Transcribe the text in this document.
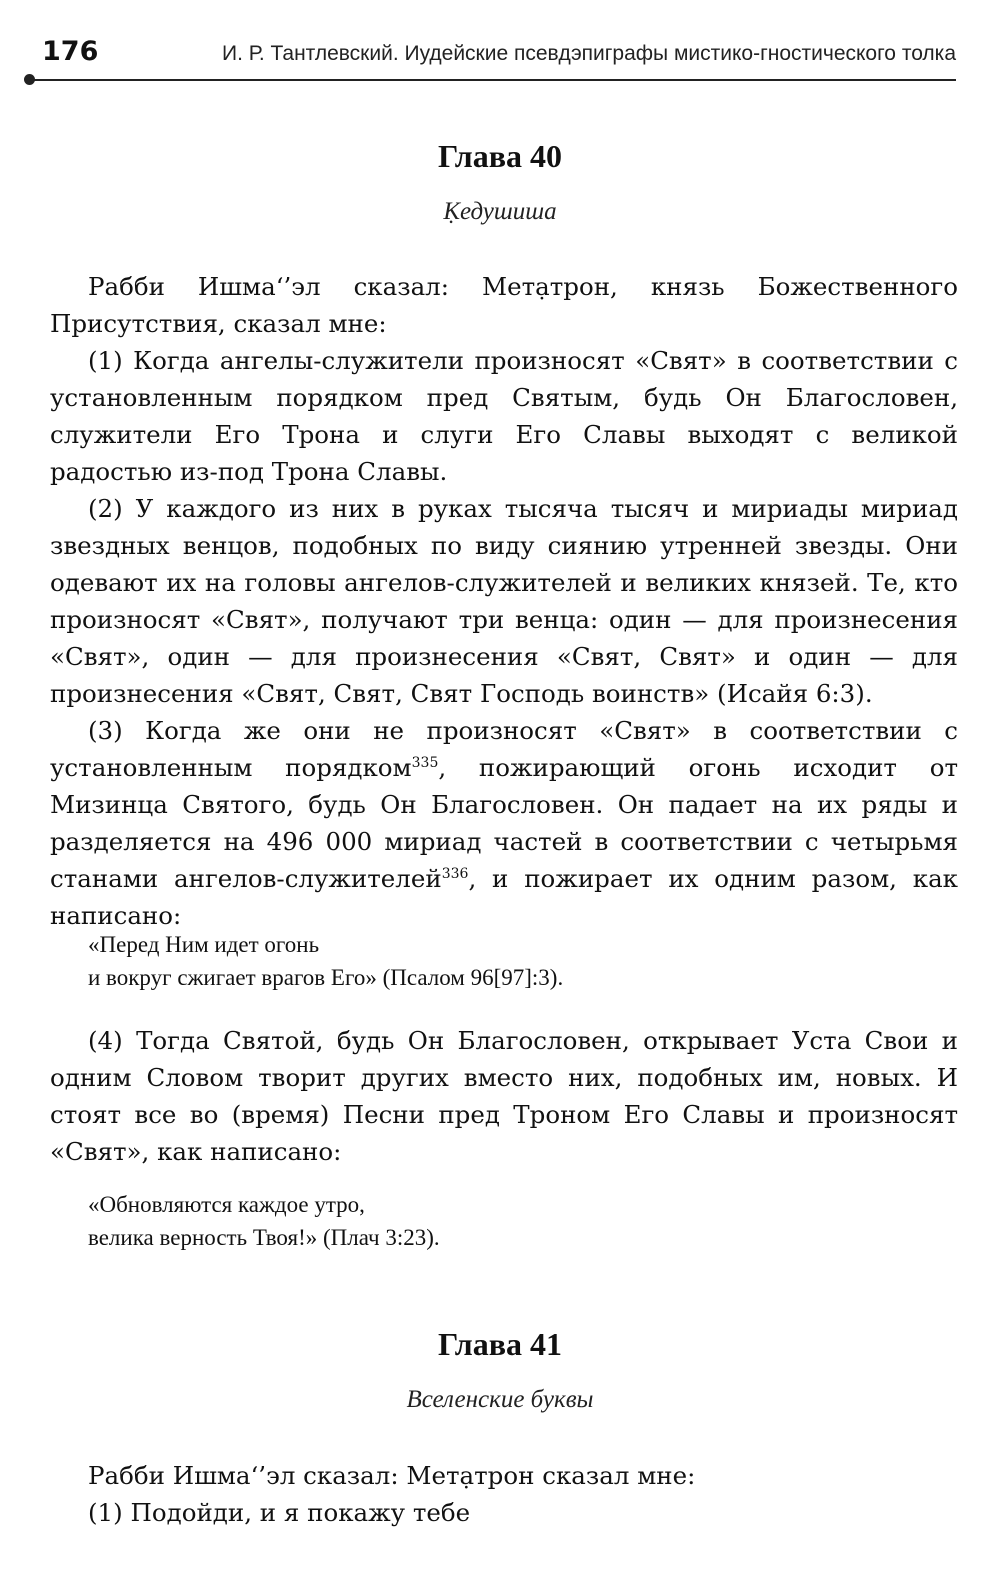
176	И. Р. Тантлевский. Иудейские псевдэпиграфы мистико-гностического толка
Глава 40
Ḳедушиша

Рабби Ишма‘’эл сказал: Метạтрон, князь Божественного Присутствия, сказал мне:

(1) Когда ангелы-служители произносят «Свят» в соответствии с установленным порядком пред Святым, будь Он Благословен, служители Его Трона и слуги Его Славы выходят с великой радостью из-под Трона Славы.

(2) У каждого из них в руках тысяча тысяч и мириады мириад звездных венцов, подобных по виду сиянию утренней звезды. Они одевают их на головы ангелов-служителей и великих князей. Те, кто произносят «Свят», получают три венца: один — для произнесения «Свят», один — для произнесения «Свят, Свят» и один — для произнесения «Свят, Свят, Свят Господь воинств» (Исайя 6:3).

(3) Когда же они не произносят «Свят» в соответствии с установленным порядком$^{335}$, пожирающий огонь исходит от Мизинца Святого, будь Он Благословен. Он падает на их ряды и разделяется на 496 000 мириад частей в соответствии с четырьмя станами ангелов-служителей$^{336}$, и пожирает их одним разом, как написано:

«Перед Ним идет огонь
и вокруг сжигает врагов Его» (Псалом 96[97]:3).

(4) Тогда Святой, будь Он Благословен, открывает Уста Свои и одним Словом творит других вместо них, подобных им, новых. И стоят все во (время) Песни пред Троном Его Славы и произносят «Свят», как написано:

«Обновляются каждое утро,
велика верность Твоя!» (Плач 3:23).
Глава 41
Вселенские буквы

Рабби Ишма‘’эл сказал: Метạтрон сказал мне:

(1) Подойди, и я покажу тебе
